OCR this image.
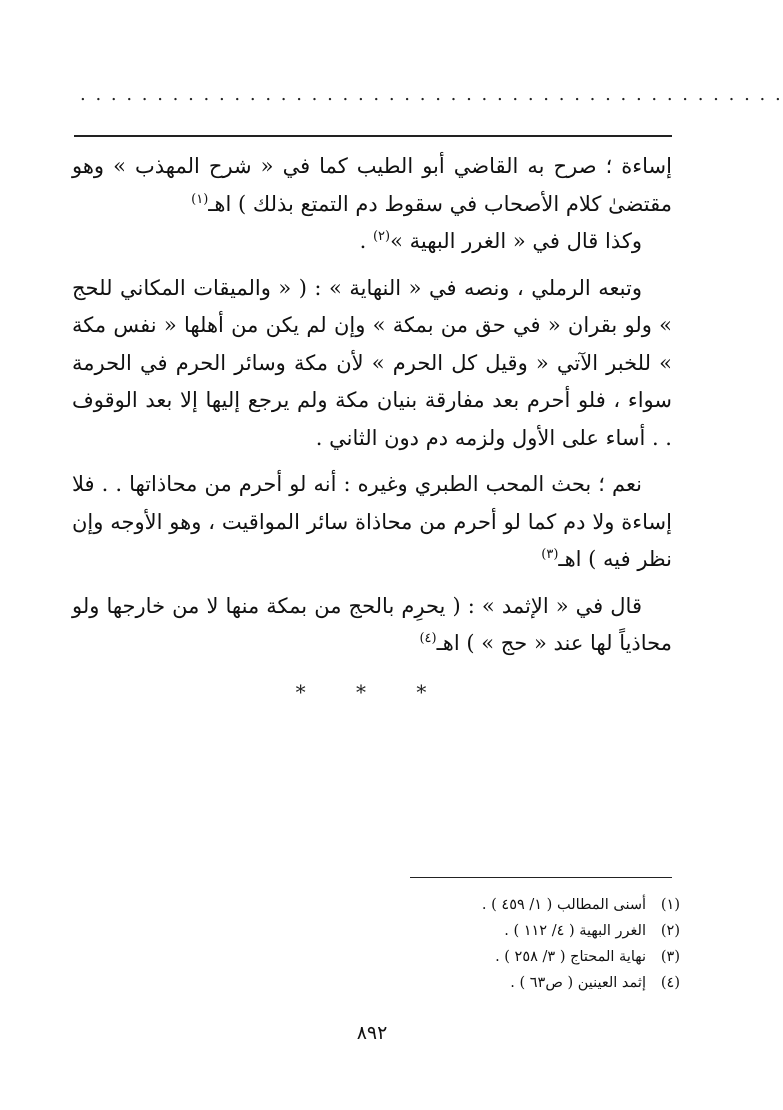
. . . . . . . . . . . . . . . . . . . . . . . . . . . . . . . . . . . . . . . . . . . . . .

إساءة ؛ صرح به القاضي أبو الطيب كما في « شرح المهذب » وهو مقتضىٰ كلام الأصحاب في سقوط دم التمتع بذلك ) اهـ$^{(١)}$

وكذا قال في « الغرر البهية »$^{(٢)}$ .

وتبعه الرملي ، ونصه في « النهاية » : ( « والميقات المكاني للحج » ولو بقران « في حق من بمكة » وإن لم يكن من أهلها « نفس مكة » للخبر الآتي « وقيل كل الحرم » لأن مكة وسائر الحرم في الحرمة سواء ، فلو أحرم بعد مفارقة بنيان مكة ولم يرجع إليها إلا بعد الوقوف . . أساء على الأول ولزمه دم دون الثاني .

نعم ؛ بحث المحب الطبري وغيره : أنه لو أحرم من محاذاتها . . فلا إساءة ولا دم كما لو أحرم من محاذاة سائر المواقيت ، وهو الأوجه وإن نظر فيه ) اهـ$^{(٣)}$

قال في « الإثمد » : ( يحرِم بالحج من بمكة منها لا من خارجها ولو محاذياً لها عند « حج » ) اهـ$^{(٤)}$

* * *
(١)أسنى المطالب ( ١/ ٤٥٩ ) .
(٢)الغرر البهية ( ٤/ ١١٢ ) .
(٣)نهاية المحتاج ( ٣/ ٢٥٨ ) .
(٤)إثمد العينين ( ص٦٣ ) .
٨٩٢
